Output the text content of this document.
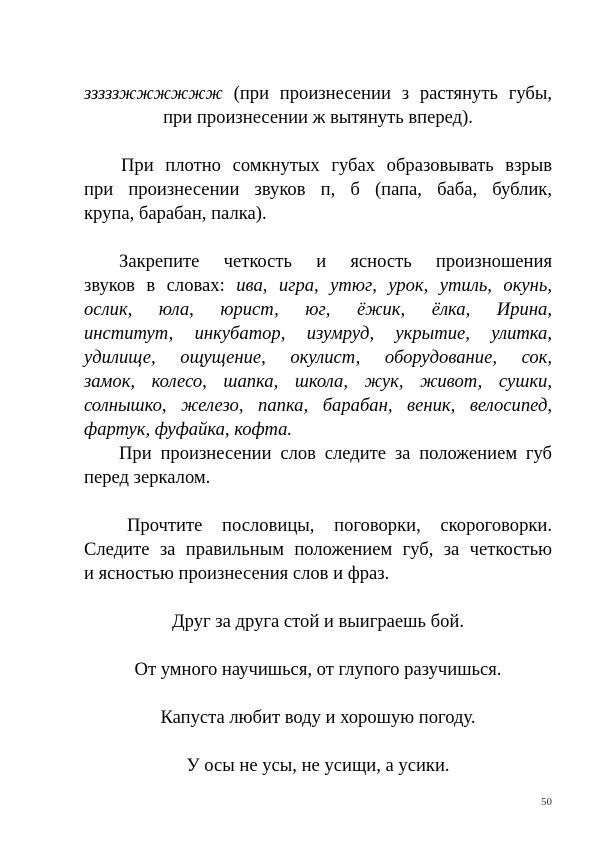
зззззжжжжжж (при произнесении з растянуть губы,
при произнесении ж вытянуть вперед).
При плотно сомкнутых губах образовывать взрыв
при произнесении звуков п, б (папа, баба, бублик,
крупа, барабан, палка).
Закрепите четкость и ясность произношения
звуков в словах: ива, игра, утюг, урок, утиль, окунь,
ослик, юла, юрист, юг, ёжик, ёлка, Ирина,
институт, инкубатор, изумруд, укрытие, улитка,
удилище, ощущение, окулист, оборудование, сок,
замок, колесо, шапка, школа, жук, живот, сушки,
солнышко, железо, папка, барабан, веник, велосипед,
фартук, фуфайка, кофта.
При произнесении слов следите за положением губ
перед зеркалом.
Прочтите пословицы, поговорки, скороговорки.
Следите за правильным положением губ, за четкостью
и ясностью произнесения слов и фраз.
Друг за друга стой и выиграешь бой.
От умного научишься, от глупого разучишься.
Капуста любит воду и хорошую погоду.
У осы не усы, не усищи, а усики.
50
